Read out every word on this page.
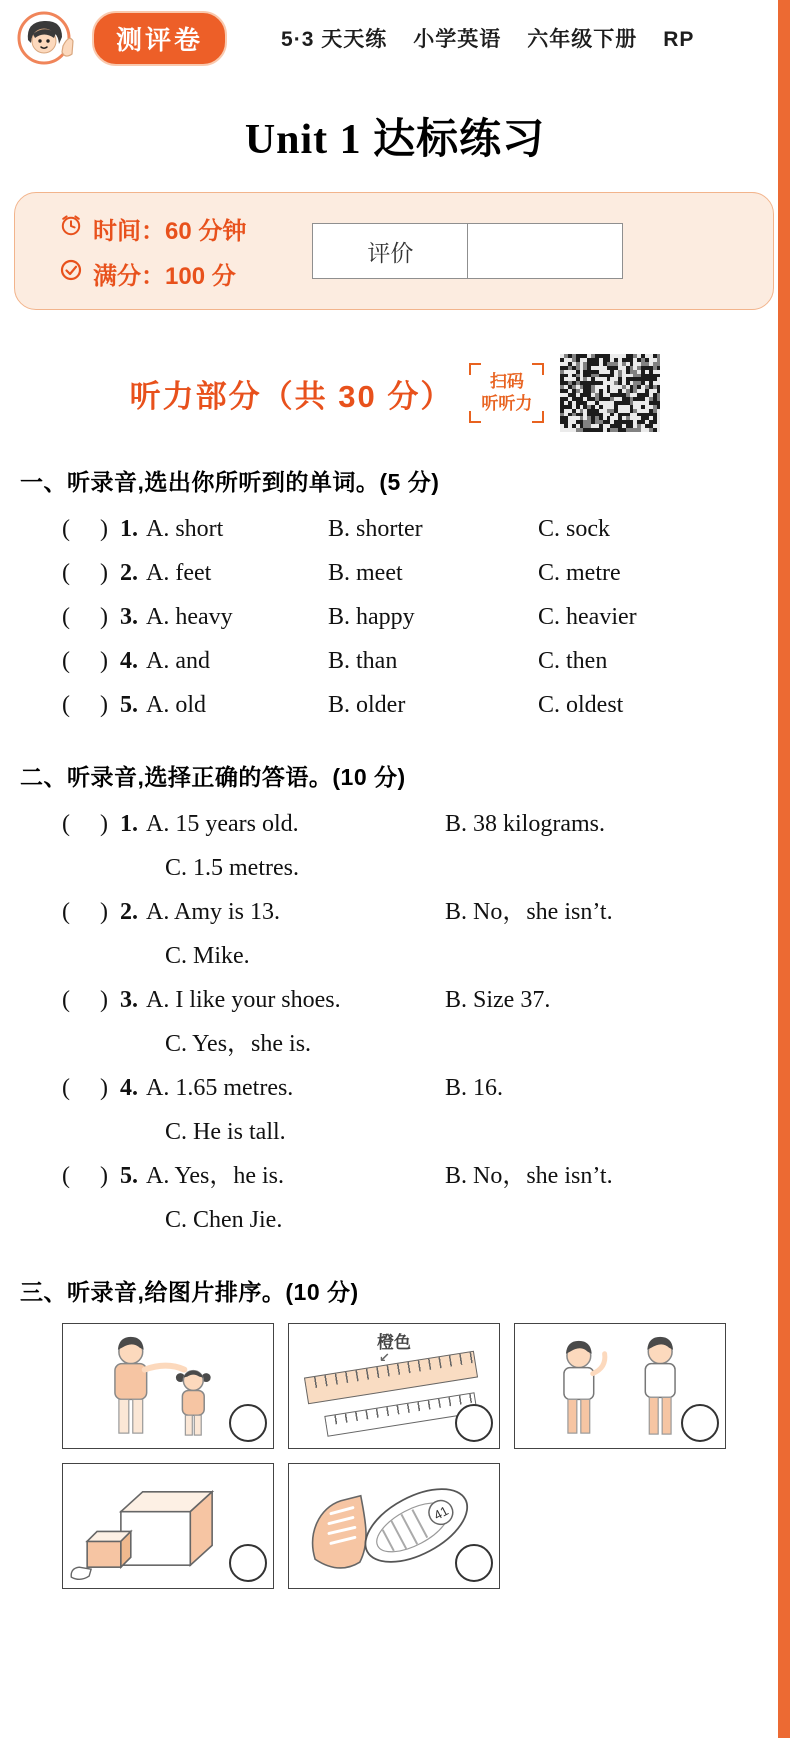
测评卷	5·3 天天练 小学英语 六年级下册 RP
Unit 1 达标练习
时间：60 分钟
满分：100 分
评价	
听力部分（共 30 分）	扫码
听听力
一、听录音,选出你所听到的单词。(5 分)
(     ) 1. A. short	B. shorter	C. sock
(     ) 2. A. feet	B. meet	C. metre
(     ) 3. A. heavy	B. happy	C. heavier
(     ) 4. A. and	B. than	C. then
(     ) 5. A. old	B. older	C. oldest
二、听录音,选择正确的答语。(10 分)
(     ) 1. A. 15 years old.	B. 38 kilograms.
C. 1.5 metres.
(     ) 2. A. Amy is 13.	B. No，she isn’t.
C. Mike.
(     ) 3. A. I like your shoes.	B. Size 37.
C. Yes，she is.
(     ) 4. A. 1.65 metres.	B. 16.
C. He is tall.
(     ) 5. A. Yes，he is.	B. No，she isn’t.
C. Chen Jie.
三、听录音,给图片排序。(10 分)
橙色 ↙
41
